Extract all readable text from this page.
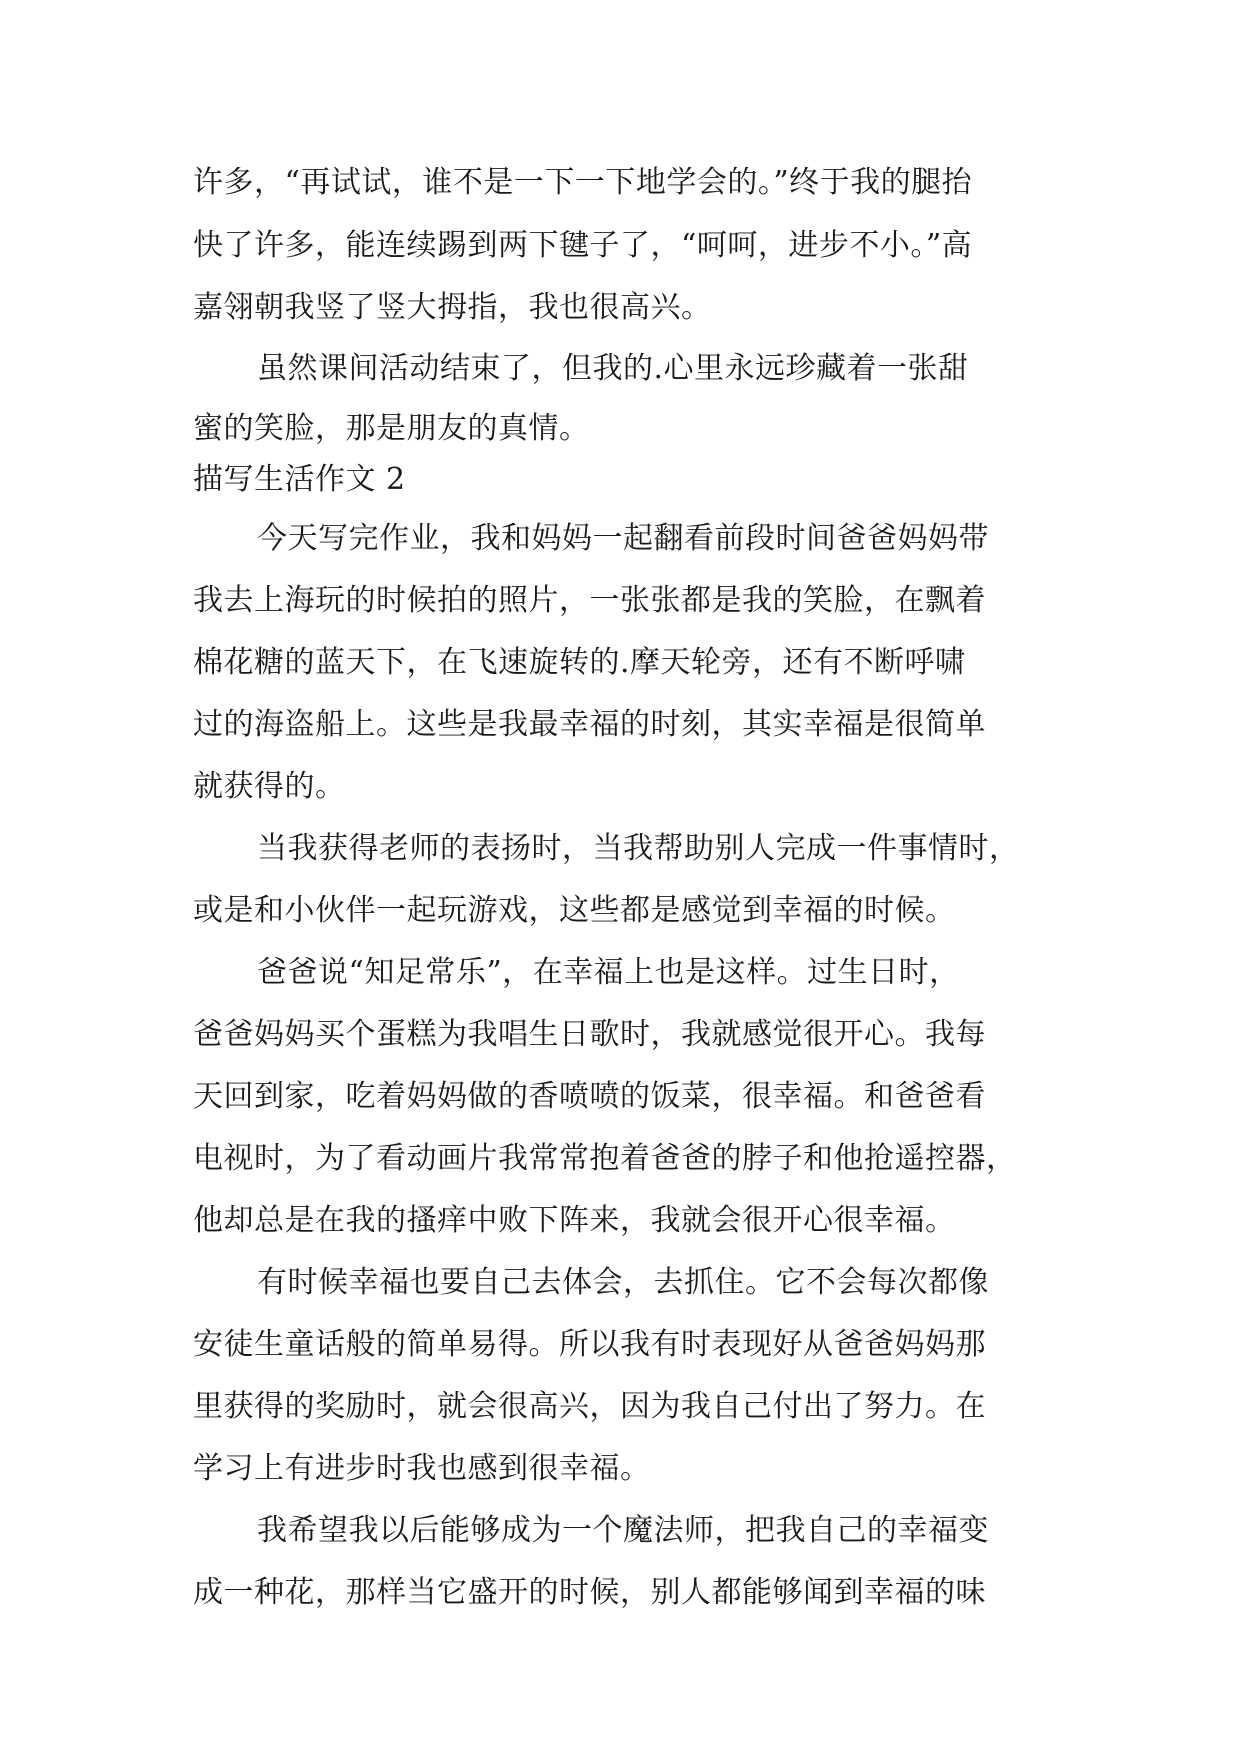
许多，“再试试，谁不是一下一下地学会的。”终于我的腿抬
快了许多，能连续踢到两下毽子了，“呵呵，进步不小。”高
嘉翎朝我竖了竖大拇指，我也很高兴。
虽然课间活动结束了，但我的.心里永远珍藏着一张甜
蜜的笑脸，那是朋友的真情。
描写生活作文 2
今天写完作业，我和妈妈一起翻看前段时间爸爸妈妈带
我去上海玩的时候拍的照片，一张张都是我的笑脸，在飘着
棉花糖的蓝天下，在飞速旋转的.摩天轮旁，还有不断呼啸
过的海盗船上。这些是我最幸福的时刻，其实幸福是很简单
就获得的。
当我获得老师的表扬时，当我帮助别人完成一件事情时，
或是和小伙伴一起玩游戏，这些都是感觉到幸福的时候。
爸爸说“知足常乐”，在幸福上也是这样。过生日时，
爸爸妈妈买个蛋糕为我唱生日歌时，我就感觉很开心。我每
天回到家，吃着妈妈做的香喷喷的饭菜，很幸福。和爸爸看
电视时，为了看动画片我常常抱着爸爸的脖子和他抢遥控器，
他却总是在我的搔痒中败下阵来，我就会很开心很幸福。
有时候幸福也要自己去体会，去抓住。它不会每次都像
安徒生童话般的简单易得。所以我有时表现好从爸爸妈妈那
里获得的奖励时，就会很高兴，因为我自己付出了努力。在
学习上有进步时我也感到很幸福。
我希望我以后能够成为一个魔法师，把我自己的幸福变
成一种花，那样当它盛开的时候，别人都能够闻到幸福的味
